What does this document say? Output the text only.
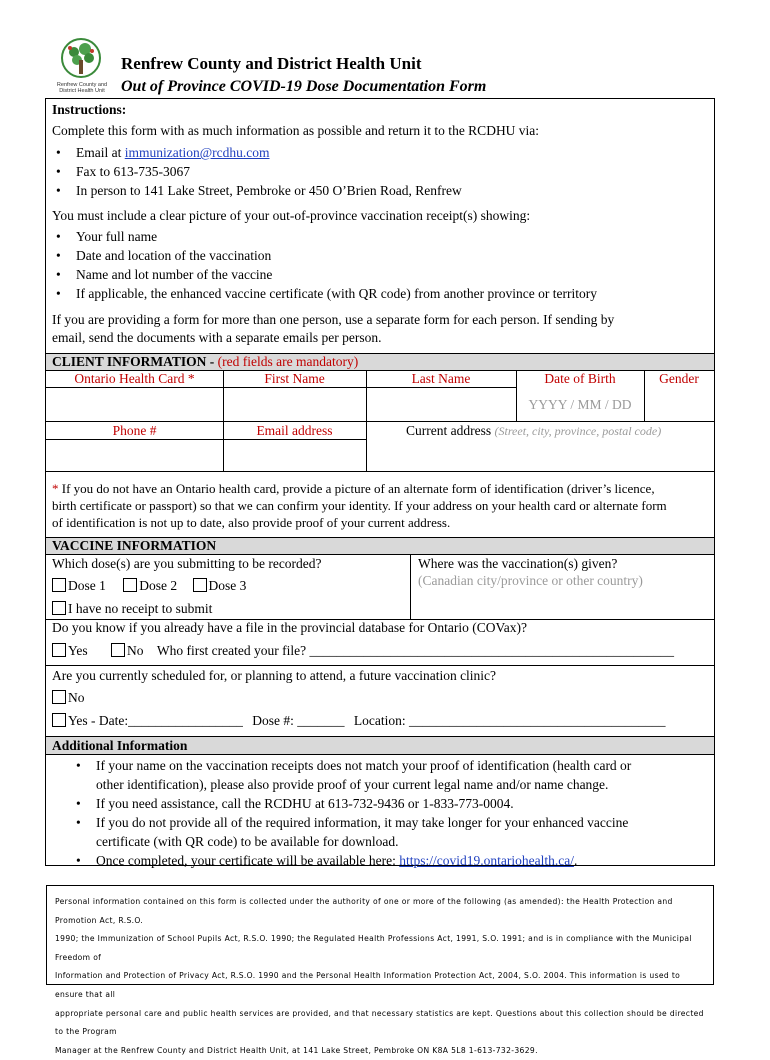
Renfrew County and District Health Unit
Renfrew County and District Health Unit
Out of Province COVID-19 Dose Documentation Form
Instructions:
Complete this form with as much information as possible and return it to the RCDHU via:
• Email at immunization@rcdhu.com
• Fax to 613-735-3067
• In person to 141 Lake Street, Pembroke or 450 O’Brien Road, Renfrew
You must include a clear picture of your out-of-province vaccination receipt(s) showing:
• Your full name
• Date and location of the vaccination
• Name and lot number of the vaccine
• If applicable, the enhanced vaccine certificate (with QR code) from another province or territory
If you are providing a form for more than one person, use a separate form for each person. If sending by
email, send the documents with a separate emails per person.
CLIENT INFORMATION - (red fields are mandatory)
Ontario Health Card *	First Name	Last Name	Date of Birth	Gender
YYYY / MM / DD
Phone #	Email address	Current address (Street, city, province, postal code)
* If you do not have an Ontario health card, provide a picture of an alternate form of identification (driver’s licence,
birth certificate or passport) so that we can confirm your identity. If your address on your health card or alternate form
of identification is not up to date, also provide proof of your current address.
VACCINE INFORMATION
Which dose(s) are you submitting to be recorded?
Dose 1 Dose 2 Dose 3
I have no receipt to submit
Where was the vaccination(s) given?
(Canadian city/province or other country)
Do you know if you already have a file in the provincial database for Ontario (COVax)?
Yes	No Who first created your file? ______________________________________________________
Are you currently scheduled for, or planning to attend, a future vaccination clinic?
No
Yes - Date:_________________ Dose #: _______ Location: ______________________________________
Additional Information
• If your name on the vaccination receipts does not match your proof of identification (health card or
other identification), please also provide proof of your current legal name and/or name change.
• If you need assistance, call the RCDHU at 613-732-9436 or 1-833-773-0004.
• If you do not provide all of the required information, it may take longer for your enhanced vaccine
certificate (with QR code) to be available for download.
• Once completed, your certificate will be available here: https://covid19.ontariohealth.ca/.
Personal information contained on this form is collected under the authority of one or more of the following (as amended): the Health Protection and Promotion Act, R.S.O.
1990; the Immunization of School Pupils Act, R.S.O. 1990; the Regulated Health Professions Act, 1991, S.O. 1991; and is in compliance with the Municipal Freedom of
Information and Protection of Privacy Act, R.S.O. 1990 and the Personal Health Information Protection Act, 2004, S.O. 2004. This information is used to ensure that all
appropriate personal care and public health services are provided, and that necessary statistics are kept. Questions about this collection should be directed to the Program
Manager at the Renfrew County and District Health Unit, at 141 Lake Street, Pembroke ON K8A 5L8 1-613-732-3629.
